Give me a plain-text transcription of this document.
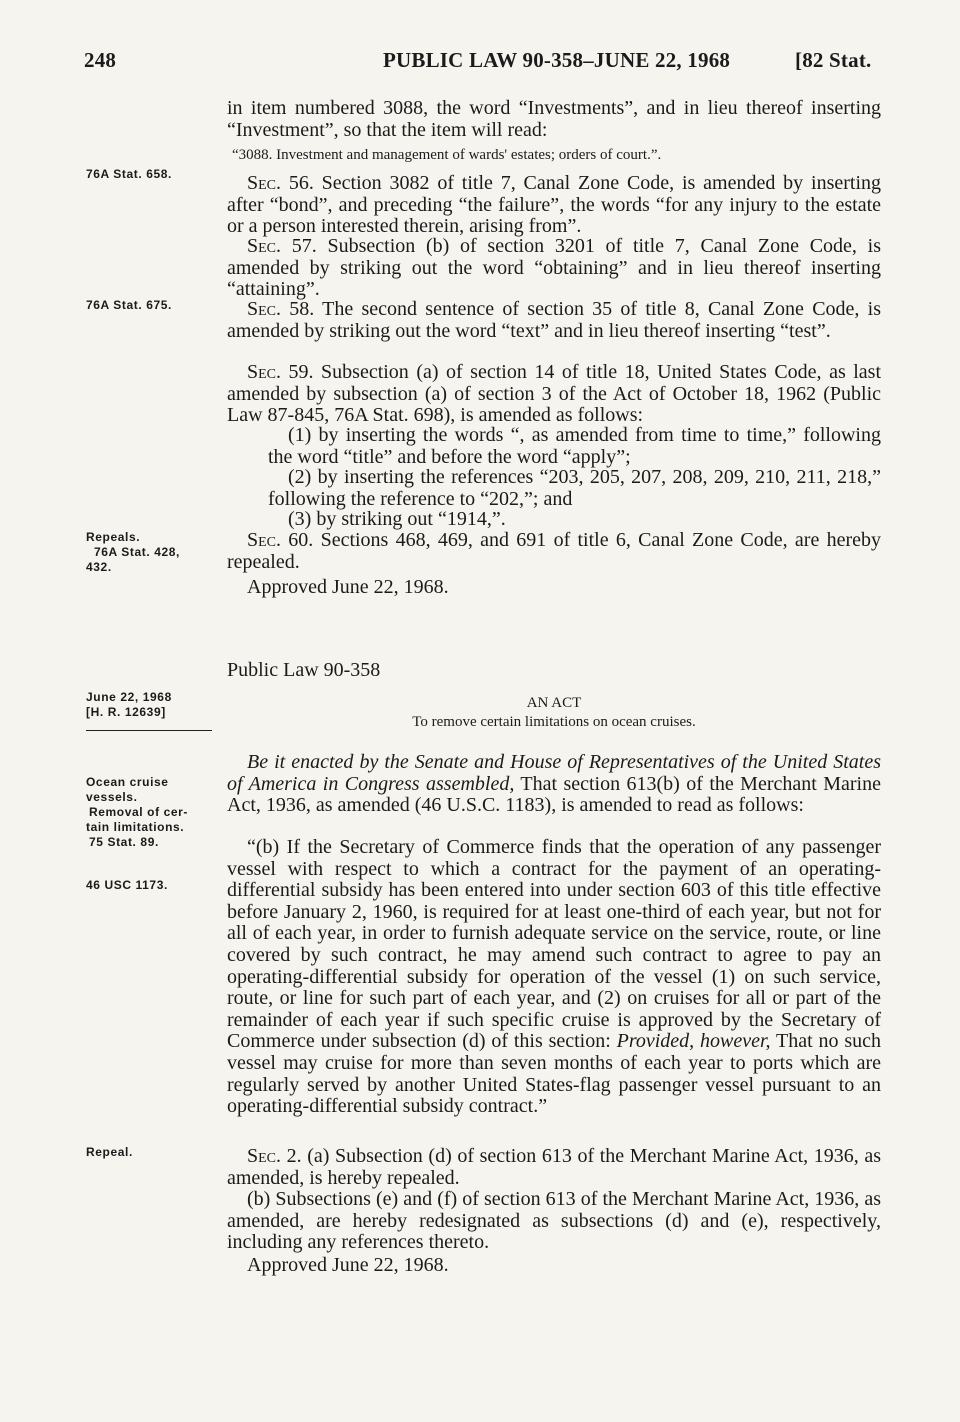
248	PUBLIC LAW 90-358–JUNE 22, 1968	[82 Stat.
76A Stat. 658.
76A Stat. 675.
Repeals.
76A Stat. 428,
432.
June 22, 1968
[H. R. 12639]
Ocean cruise
vessels.
Removal of cer-
tain limitations.
75 Stat. 89.
46 USC 1173.
Repeal.
in item numbered 3088, the word “Investments”, and in lieu thereof inserting “Investment”, so that the item will read:
“3088. Investment and management of wards' estates; orders of court.”.
Sec. 56. Section 3082 of title 7, Canal Zone Code, is amended by inserting after “bond”, and preceding “the failure”, the words “for any injury to the estate or a person interested therein, arising from”.
Sec. 57. Subsection (b) of section 3201 of title 7, Canal Zone Code, is amended by striking out the word “obtaining” and in lieu thereof inserting “attaining”.
Sec. 58. The second sentence of section 35 of title 8, Canal Zone Code, is amended by striking out the word “text” and in lieu thereof inserting “test”.
Sec. 59. Subsection (a) of section 14 of title 18, United States Code, as last amended by subsection (a) of section 3 of the Act of October 18, 1962 (Public Law 87-845, 76A Stat. 698), is amended as follows:
(1) by inserting the words “, as amended from time to time,” following the word “title” and before the word “apply”;
(2) by inserting the references “203, 205, 207, 208, 209, 210, 211, 218,” following the reference to “202,”; and
(3) by striking out “1914,”.
Sec. 60. Sections 468, 469, and 691 of title 6, Canal Zone Code, are hereby repealed.
Approved June 22, 1968.
Public Law 90-358
AN ACT
To remove certain limitations on ocean cruises.
Be it enacted by the Senate and House of Representatives of the United States of America in Congress assembled, That section 613(b) of the Merchant Marine Act, 1936, as amended (46 U.S.C. 1183), is amended to read as follows:
“(b) If the Secretary of Commerce finds that the operation of any passenger vessel with respect to which a contract for the payment of an operating-differential subsidy has been entered into under section 603 of this title effective before January 2, 1960, is required for at least one-third of each year, but not for all of each year, in order to furnish adequate service on the service, route, or line covered by such contract, he may amend such contract to agree to pay an operating-differential subsidy for operation of the vessel (1) on such service, route, or line for such part of each year, and (2) on cruises for all or part of the remainder of each year if such specific cruise is approved by the Secretary of Commerce under subsection (d) of this section: Provided, however, That no such vessel may cruise for more than seven months of each year to ports which are regularly served by another United States-flag passenger vessel pursuant to an operating-differential subsidy contract.”
Sec. 2. (a) Subsection (d) of section 613 of the Merchant Marine Act, 1936, as amended, is hereby repealed.
(b) Subsections (e) and (f) of section 613 of the Merchant Marine Act, 1936, as amended, are hereby redesignated as subsections (d) and (e), respectively, including any references thereto.
Approved June 22, 1968.
